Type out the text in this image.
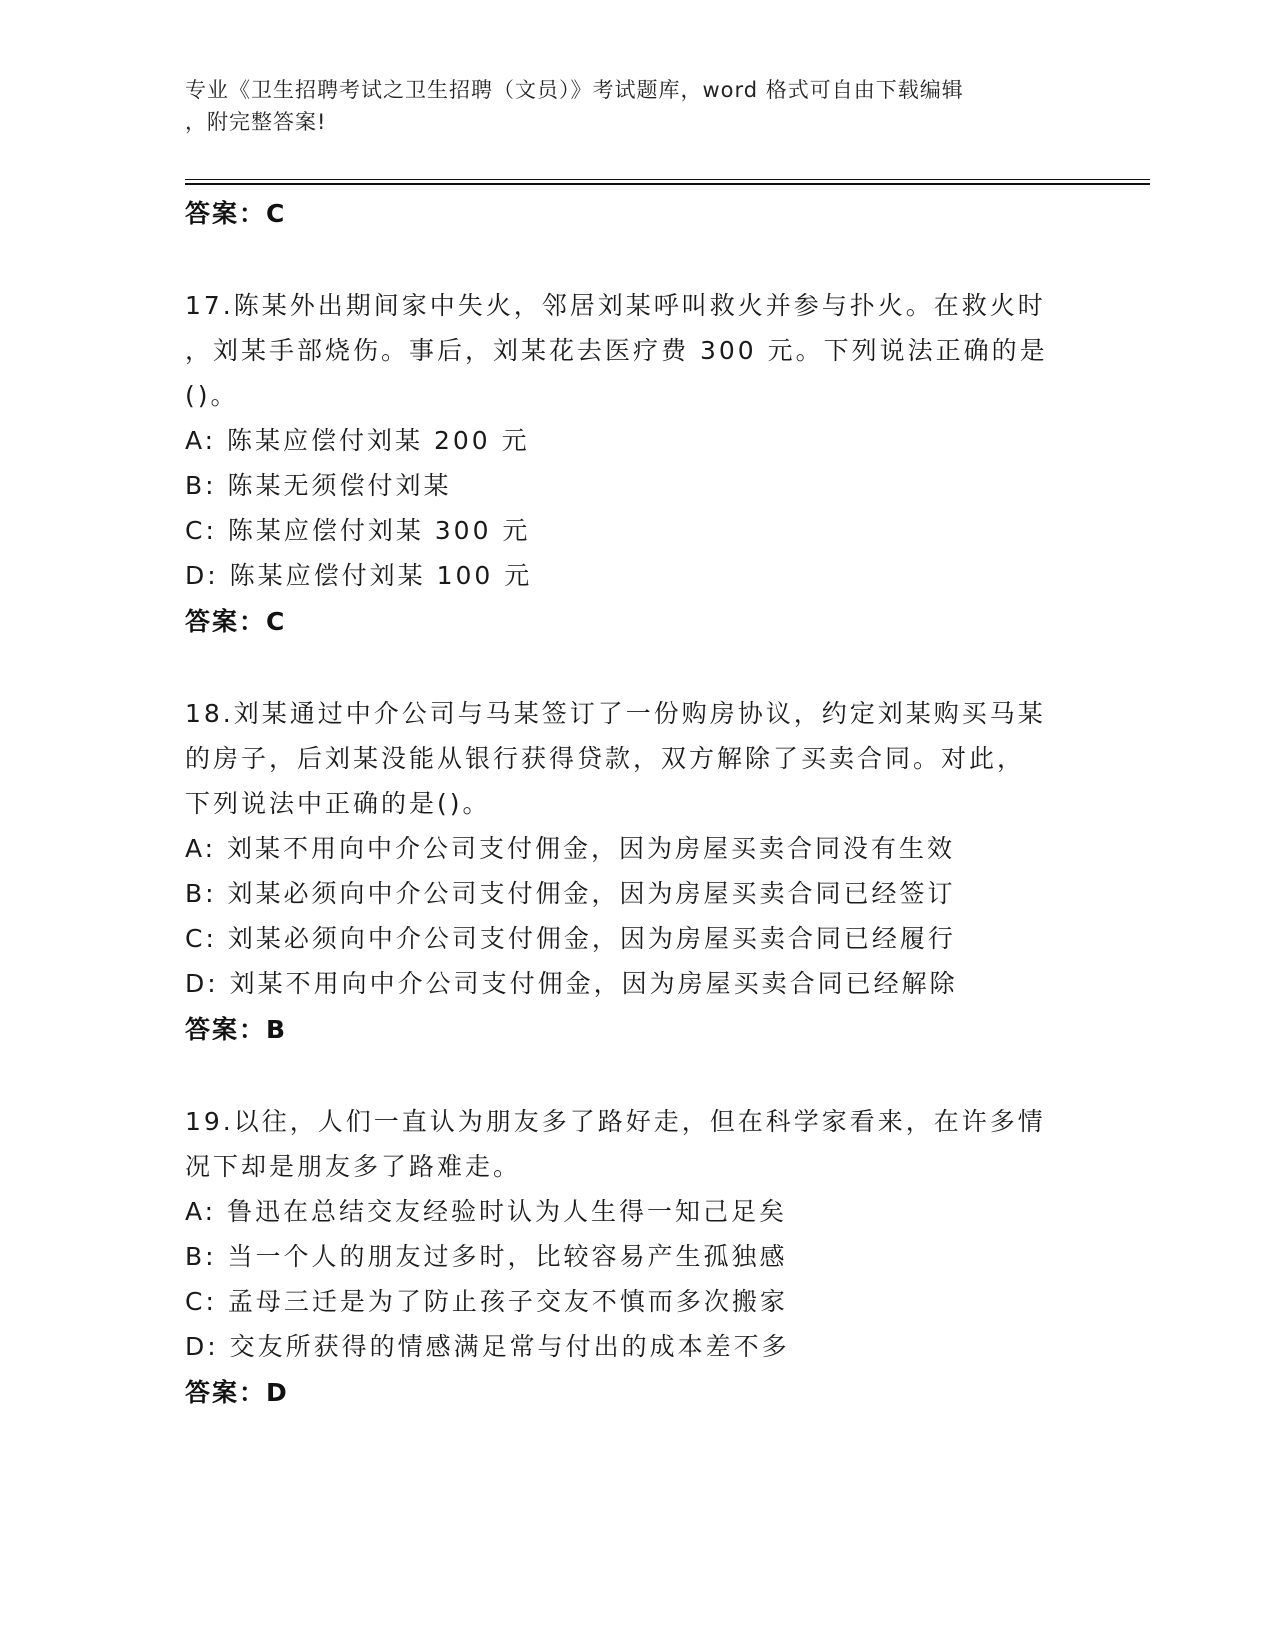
专业《卫生招聘考试之卫生招聘（文员）》考试题库，word 格式可自由下载编辑
，附完整答案!
答案：C
17.陈某外出期间家中失火，邻居刘某呼叫救火并参与扑火。在救火时
，刘某手部烧伤。事后，刘某花去医疗费 300 元。下列说法正确的是
()。
A: 陈某应偿付刘某 200 元
B: 陈某无须偿付刘某
C: 陈某应偿付刘某 300 元
D: 陈某应偿付刘某 100 元
答案：C
18.刘某通过中介公司与马某签订了一份购房协议，约定刘某购买马某
的房子，后刘某没能从银行获得贷款，双方解除了买卖合同。对此，
下列说法中正确的是()。
A: 刘某不用向中介公司支付佣金，因为房屋买卖合同没有生效
B: 刘某必须向中介公司支付佣金，因为房屋买卖合同已经签订
C: 刘某必须向中介公司支付佣金，因为房屋买卖合同已经履行
D: 刘某不用向中介公司支付佣金，因为房屋买卖合同已经解除
答案：B
19.以往，人们一直认为朋友多了路好走，但在科学家看来，在许多情
况下却是朋友多了路难走。
A: 鲁迅在总结交友经验时认为人生得一知己足矣
B: 当一个人的朋友过多时，比较容易产生孤独感
C: 孟母三迁是为了防止孩子交友不慎而多次搬家
D: 交友所获得的情感满足常与付出的成本差不多
答案：D
